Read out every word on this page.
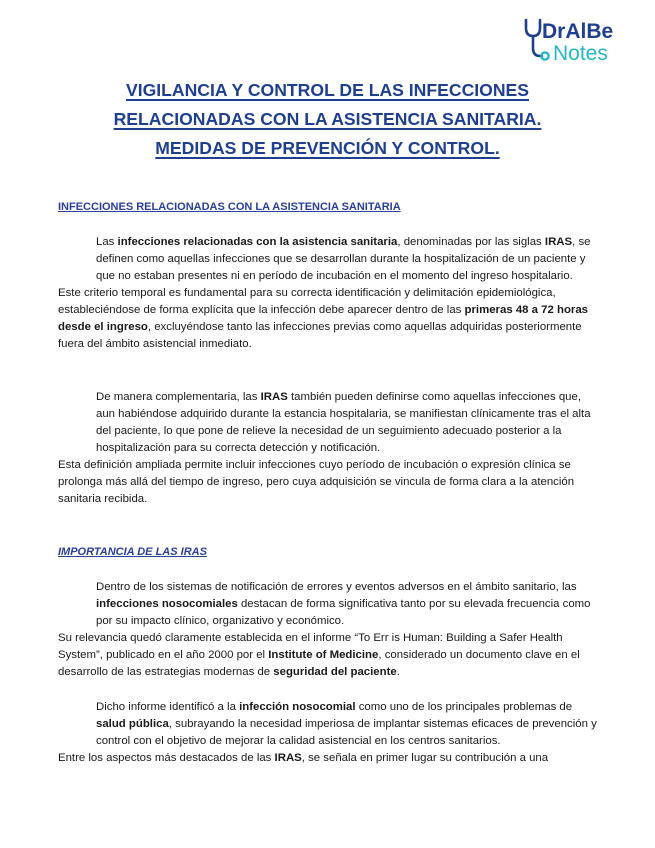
DrAlBe
Notes
VIGILANCIA Y CONTROL DE LAS INFECCIONES
RELACIONADAS CON LA ASISTENCIA SANITARIA.
MEDIDAS DE PREVENCIÓN Y CONTROL.
INFECCIONES RELACIONADAS CON LA ASISTENCIA SANITARIA

Las infecciones relacionadas con la asistencia sanitaria, denominadas por las siglas IRAS, se definen como aquellas infecciones que se desarrollan durante la hospitalización de un paciente y que no estaban presentes ni en período de incubación en el momento del ingreso hospitalario.

Este criterio temporal es fundamental para su correcta identificación y delimitación epidemiológica, estableciéndose de forma explícita que la infección debe aparecer dentro de las primeras 48 a 72 horas desde el ingreso, excluyéndose tanto las infecciones previas como aquellas adquiridas posteriormente fuera del ámbito asistencial inmediato.

De manera complementaria, las IRAS también pueden definirse como aquellas infecciones que, aun habiéndose adquirido durante la estancia hospitalaria, se manifiestan clínicamente tras el alta del paciente, lo que pone de relieve la necesidad de un seguimiento adecuado posterior a la hospitalización para su correcta detección y notificación.

Esta definición ampliada permite incluir infecciones cuyo período de incubación o expresión clínica se prolonga más allá del tiempo de ingreso, pero cuya adquisición se vincula de forma clara a la atención sanitaria recibida.

IMPORTANCIA DE LAS IRAS

Dentro de los sistemas de notificación de errores y eventos adversos en el ámbito sanitario, las infecciones nosocomiales destacan de forma significativa tanto por su elevada frecuencia como por su impacto clínico, organizativo y económico.

Su relevancia quedó claramente establecida en el informe “To Err is Human: Building a Safer Health System”, publicado en el año 2000 por el Institute of Medicine, considerado un documento clave en el desarrollo de las estrategias modernas de seguridad del paciente.

Dicho informe identificó a la infección nosocomial como uno de los principales problemas de salud pública, subrayando la necesidad imperiosa de implantar sistemas eficaces de prevención y control con el objetivo de mejorar la calidad asistencial en los centros sanitarios.

Entre los aspectos más destacados de las IRAS, se señala en primer lugar su contribución a una
